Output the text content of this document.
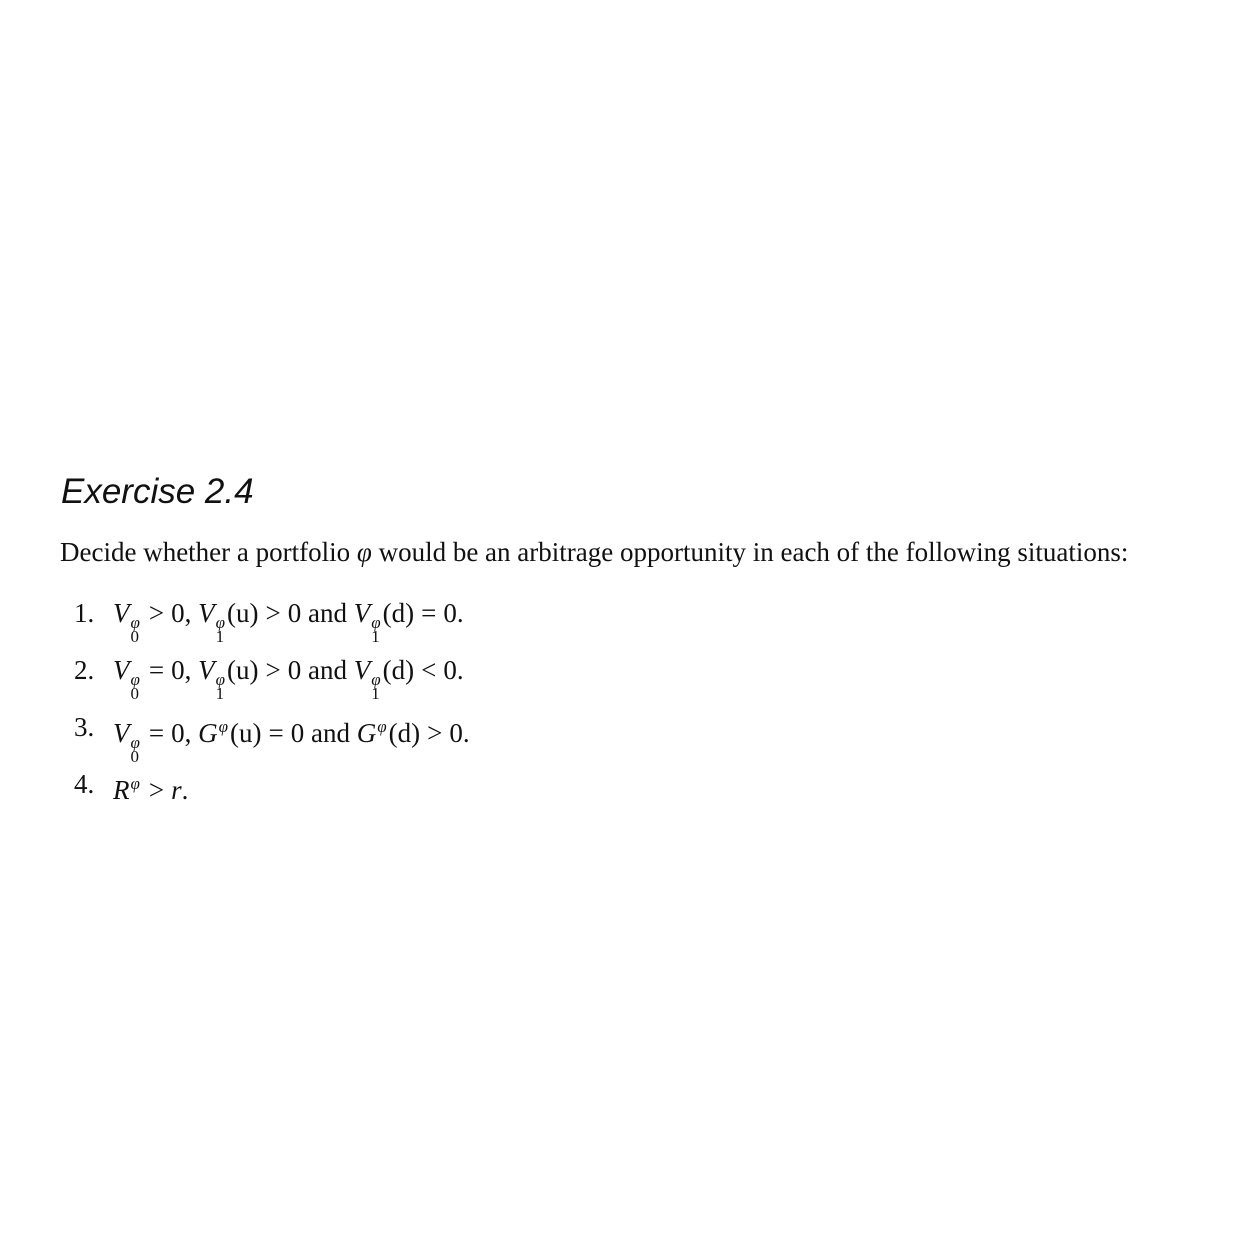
Exercise 2.4
Decide whether a portfolio φ would be an arbitrage opportunity in each of the following situations:
1. V φ
0
> 0, V φ
1
(u) > 0 and V φ
1
(d) = 0.
2. V φ
0
= 0, V φ
1
(u) > 0 and V φ
1
(d) < 0.
3. V φ
0
= 0, $G^\varphi(u) = 0$ and $G^\varphi(d) > 0$.
4. $R^\varphi > r$.
